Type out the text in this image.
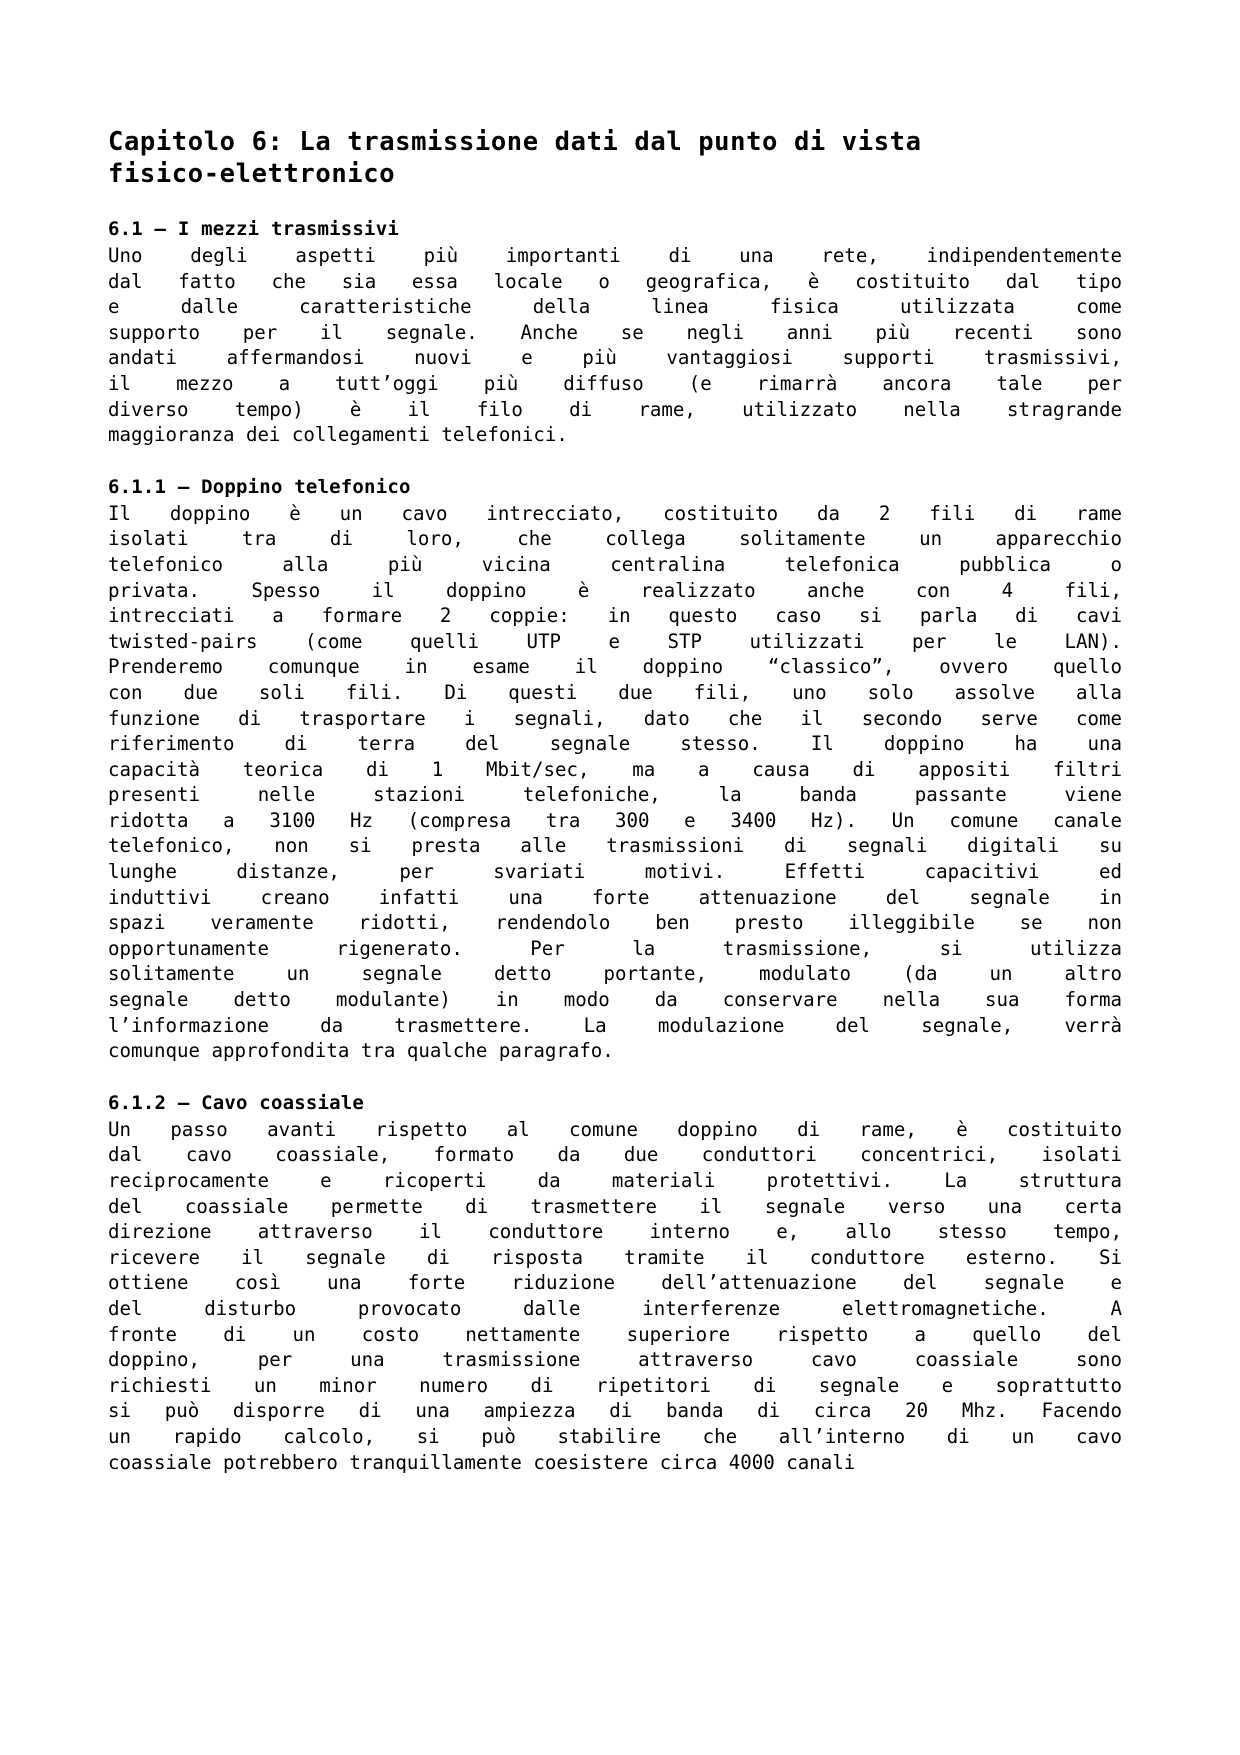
Capitolo 6: La trasmissione dati dal punto di vista
fisico-elettronico
6.1 – I mezzi trasmissivi

Uno degli aspetti più importanti di una rete, indipendentemente
dal fatto che sia essa locale o geografica, è costituito dal tipo
e dalle caratteristiche della linea fisica utilizzata come
supporto per il segnale. Anche se negli anni più recenti sono
andati affermandosi nuovi e più vantaggiosi supporti trasmissivi,
il mezzo a tutt’oggi più diffuso (e rimarrà ancora tale per
diverso tempo) è il filo di rame, utilizzato nella stragrande
maggioranza dei collegamenti telefonici.

6.1.1 – Doppino telefonico

Il doppino è un cavo intrecciato, costituito da 2 fili di rame
isolati tra di loro, che collega solitamente un apparecchio
telefonico alla più vicina centralina telefonica pubblica o
privata. Spesso il doppino è realizzato anche con 4 fili,
intrecciati a formare 2 coppie: in questo caso si parla di cavi
twisted-pairs (come quelli UTP e STP utilizzati per le LAN).
Prenderemo comunque in esame il doppino “classico”, ovvero quello
con due soli fili. Di questi due fili, uno solo assolve alla
funzione di trasportare i segnali, dato che il secondo serve come
riferimento di terra del segnale stesso. Il doppino ha una
capacità teorica di 1 Mbit/sec, ma a causa di appositi filtri
presenti nelle stazioni telefoniche, la banda passante viene
ridotta a 3100 Hz (compresa tra 300 e 3400 Hz). Un comune canale
telefonico, non si presta alle trasmissioni di segnali digitali su
lunghe distanze, per svariati motivi. Effetti capacitivi ed
induttivi creano infatti una forte attenuazione del segnale in
spazi veramente ridotti, rendendolo ben presto illeggibile se non
opportunamente rigenerato. Per la trasmissione, si utilizza
solitamente un segnale detto portante, modulato (da un altro
segnale detto modulante) in modo da conservare nella sua forma
l’informazione da trasmettere. La modulazione del segnale, verrà
comunque approfondita tra qualche paragrafo.

6.1.2 – Cavo coassiale

Un passo avanti rispetto al comune doppino di rame, è costituito
dal cavo coassiale, formato da due conduttori concentrici, isolati
reciprocamente e ricoperti da materiali protettivi. La struttura
del coassiale permette di trasmettere il segnale verso una certa
direzione attraverso il conduttore interno e, allo stesso tempo,
ricevere il segnale di risposta tramite il conduttore esterno. Si
ottiene così una forte riduzione dell’attenuazione del segnale e
del disturbo provocato dalle interferenze elettromagnetiche. A
fronte di un costo nettamente superiore rispetto a quello del
doppino, per una trasmissione attraverso cavo coassiale sono
richiesti un minor numero di ripetitori di segnale e soprattutto
si può disporre di una ampiezza di banda di circa 20 Mhz. Facendo
un rapido calcolo, si può stabilire che all’interno di un cavo
coassiale potrebbero tranquillamente coesistere circa 4000 canali
